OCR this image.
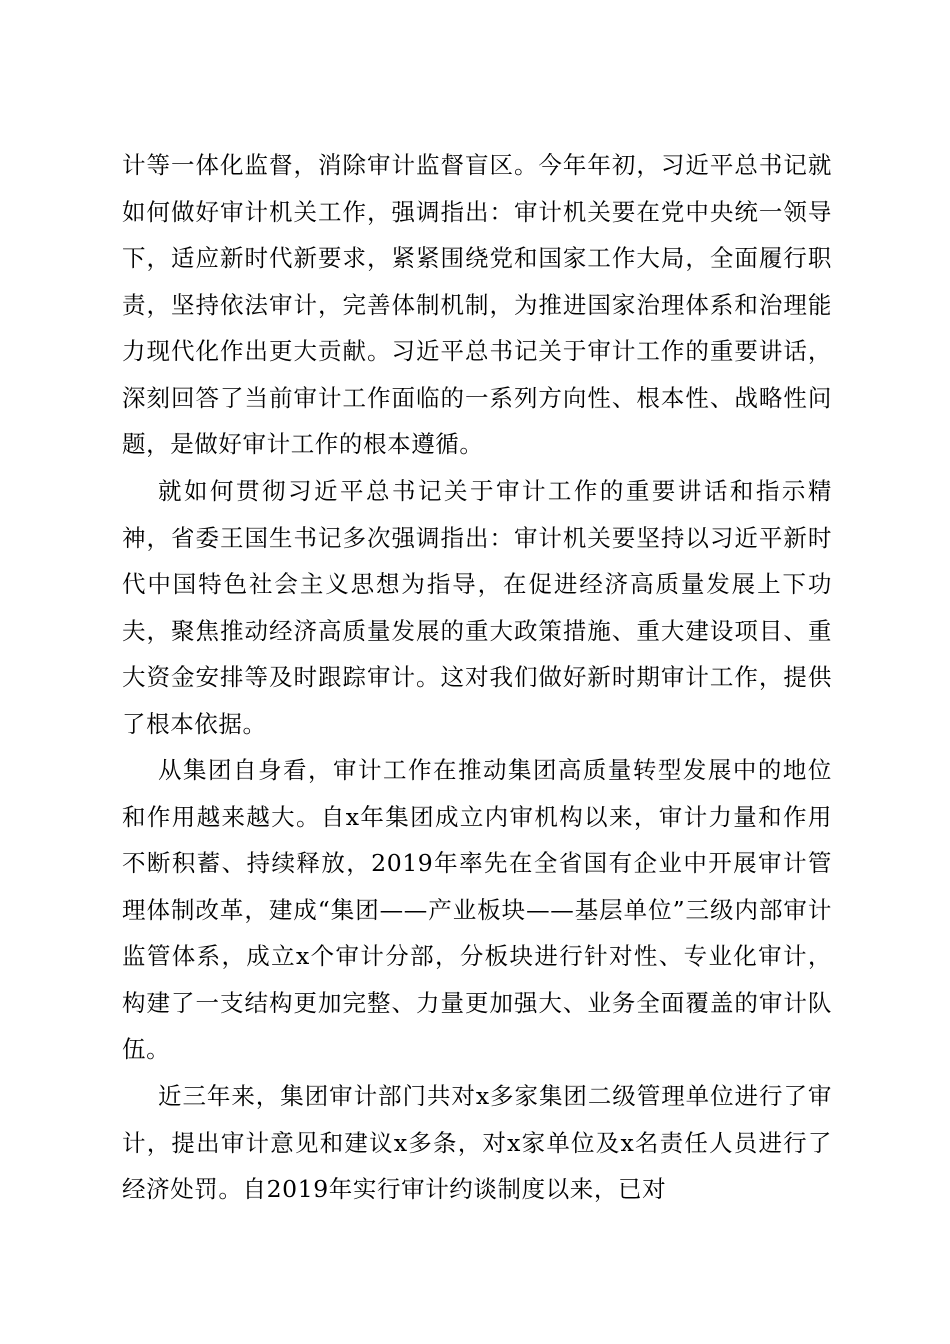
计等一体化监督，消除审计监督盲区。今年年初，习近平总书记就如何做好审计机关工作，强调指出：审计机关要在党中央统一领导下，适应新时代新要求，紧紧围绕党和国家工作大局，全面履行职责，坚持依法审计，完善体制机制，为推进国家治理体系和治理能力现代化作出更大贡献。习近平总书记关于审计工作的重要讲话，深刻回答了当前审计工作面临的一系列方向性、根本性、战略性问题，是做好审计工作的根本遵循。

就如何贯彻习近平总书记关于审计工作的重要讲话和指示精神，省委王国生书记多次强调指出：审计机关要坚持以习近平新时代中国特色社会主义思想为指导，在促进经济高质量发展上下功夫，聚焦推动经济高质量发展的重大政策措施、重大建设项目、重大资金安排等及时跟踪审计。这对我们做好新时期审计工作，提供了根本依据。

从集团自身看，审计工作在推动集团高质量转型发展中的地位和作用越来越大。自x年集团成立内审机构以来，审计力量和作用不断积蓄、持续释放，2019年率先在全省国有企业中开展审计管理体制改革，建成“集团——产业板块——基层单位”三级内部审计监管体系，成立x个审计分部，分板块进行针对性、专业化审计，构建了一支结构更加完整、力量更加强大、业务全面覆盖的审计队伍。

近三年来，集团审计部门共对x多家集团二级管理单位进行了审计，提出审计意见和建议x多条，对x家单位及x名责任人员进行了经济处罚。自2019年实行审计约谈制度以来，已对
